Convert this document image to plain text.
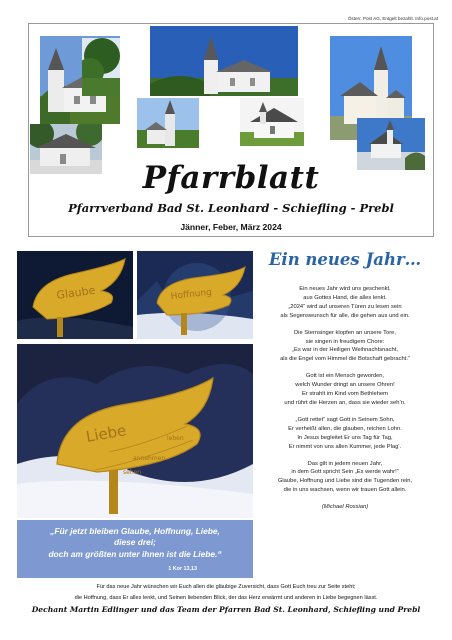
Österr. Post AG, Entgelt bezahlt. Info.post.at
Pfarrblatt
Pfarrverband Bad St. Leonhard - Schiefling - Prebl
Jänner, Feber, März 2024
Glaube	Hoffnung
Liebe	leben
annehmen
sehen
Ein neues Jahr…
Ein neues Jahr wird uns geschenkt,
aus Gottes Hand, die alles lenkt.
„2024“ wird auf unseren Türen zu lesen sein
als Segenswunsch für alle, die gehen aus und ein.
Die Sternsinger klopfen an unsere Tore,
sie singen in freudigem Chore:
„Es war in der Heiligen Weihnachtsnacht,
als die Engel vom Himmel die Botschaft gebracht.“
Gott ist ein Mensch geworden,
welch Wunder dringt an unsere Ohren!
Er strahlt im Kind vom Bethlehem
und rührt die Herzen an, dass sie wieder seh’n.
„Gott rettet“ sagt Gott in Seinem Sohn,
Er verheißt allen, die glauben, reichen Lohn.
In Jesus begleitet Er uns Tag für Tag,
Er nimmt von uns allen Kummer, jede Plag‘.
Das gilt in jedem neuen Jahr,
in dem Gott spricht Sein „Es werde wahr!“
Glaube, Hoffnung und Liebe sind die Tugenden rein,
die in uns wachsen, wenn wir trauen Gott allein.
(Michael Rossian)
„Für jetzt bleiben Glaube, Hoffnung, Liebe,
diese drei;
doch am größten unter ihnen ist die Liebe.“
1 Kor 13,13
Für das neue Jahr wünschen wir Euch allen die gläubige Zuversicht, dass Gott Euch treu zur Seite steht;
die Hoffnung, dass Er alles lenkt, und Seinen liebenden Blick, der das Herz erwärmt und anderen in Liebe begegnen lässt.
Dechant Martin Edlinger und das Team der Pfarren Bad St. Leonhard, Schiefling und Prebl
